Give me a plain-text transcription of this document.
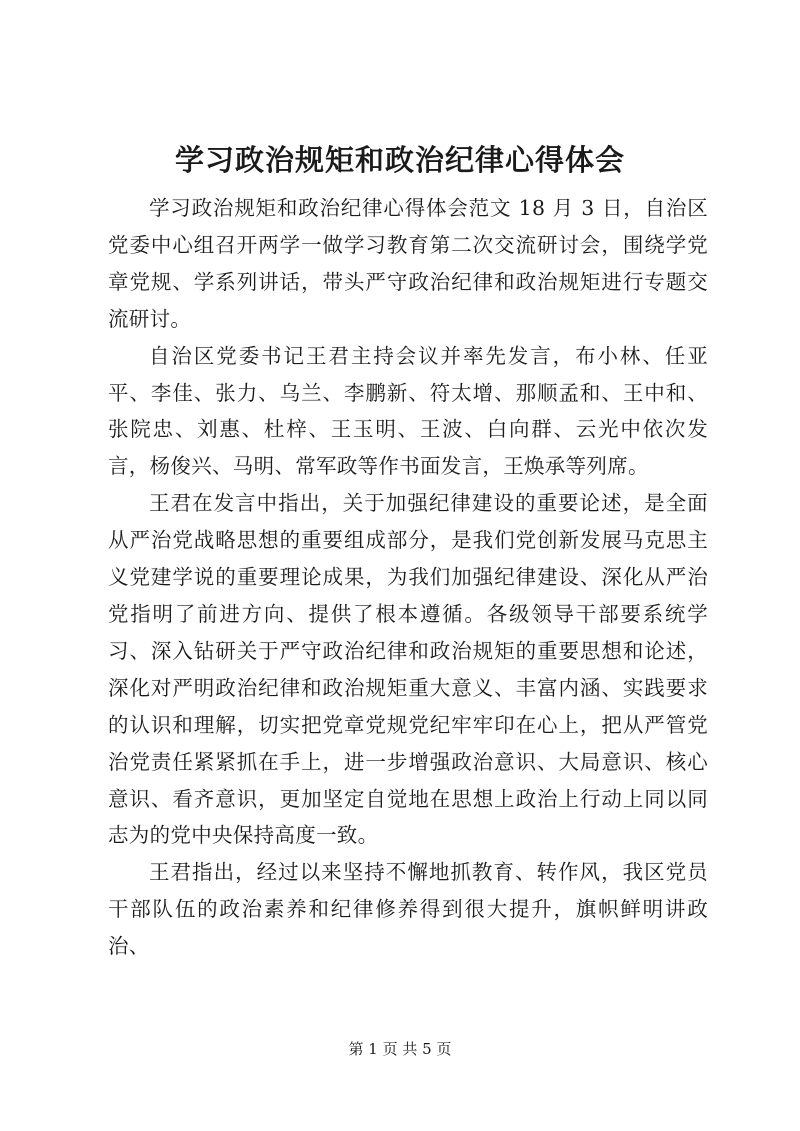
学习政治规矩和政治纪律心得体会

学习政治规矩和政治纪律心得体会范文 18 月 3 日，自治区党委中心组召开两学一做学习教育第二次交流研讨会，围绕学党章党规、学系列讲话，带头严守政治纪律和政治规矩进行专题交流研讨。

自治区党委书记王君主持会议并率先发言，布小林、任亚平、李佳、张力、乌兰、李鹏新、符太增、那顺孟和、王中和、张院忠、刘惠、杜梓、王玉明、王波、白向群、云光中依次发言，杨俊兴、马明、常军政等作书面发言，王焕承等列席。

王君在发言中指出，关于加强纪律建设的重要论述，是全面从严治党战略思想的重要组成部分，是我们党创新发展马克思主义党建学说的重要理论成果，为我们加强纪律建设、深化从严治党指明了前进方向、提供了根本遵循。各级领导干部要系统学习、深入钻研关于严守政治纪律和政治规矩的重要思想和论述，深化对严明政治纪律和政治规矩重大意义、丰富内涵、实践要求的认识和理解，切实把党章党规党纪牢牢印在心上，把从严管党治党责任紧紧抓在手上，进一步增强政治意识、大局意识、核心意识、看齐意识，更加坚定自觉地在思想上政治上行动上同以同志为的党中央保持高度一致。

王君指出，经过以来坚持不懈地抓教育、转作风，我区党员干部队伍的政治素养和纪律修养得到很大提升，旗帜鲜明讲政治、

第 1 页 共 5 页
